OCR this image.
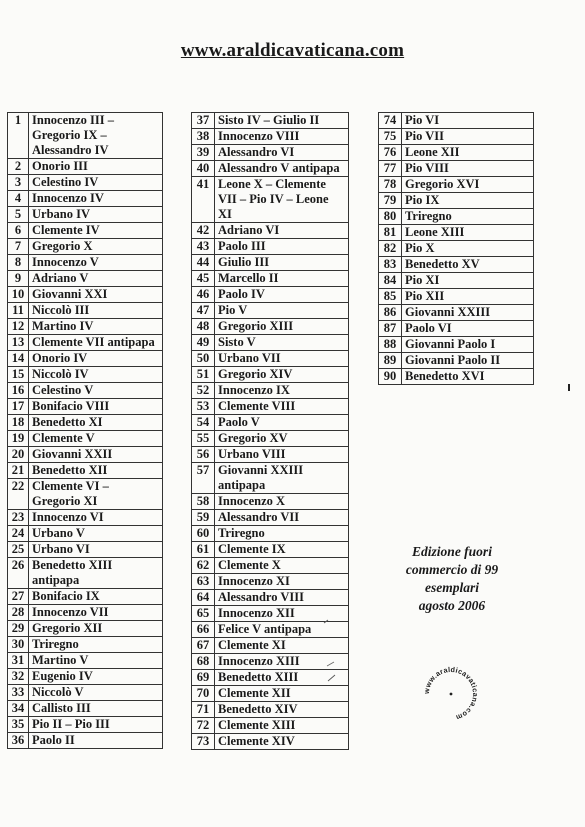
www.araldicavaticana.com
1	Innocenzo III – Gregorio IX – Alessandro IV
2	Onorio III
3	Celestino IV
4	Innocenzo IV
5	Urbano IV
6	Clemente IV
7	Gregorio X
8	Innocenzo V
9	Adriano V
10	Giovanni XXI
11	Niccolò III
12	Martino IV
13	Clemente VII antipapa
14	Onorio IV
15	Niccolò IV
16	Celestino V
17	Bonifacio VIII
18	Benedetto XI
19	Clemente V
20	Giovanni XXII
21	Benedetto XII
22	Clemente VI – Gregorio XI
23	Innocenzo VI
24	Urbano V
25	Urbano VI
26	Benedetto XIII antipapa
27	Bonifacio IX
28	Innocenzo VII
29	Gregorio XII
30	Triregno
31	Martino V
32	Eugenio IV
33	Niccolò V
34	Callisto III
35	Pio II – Pio III
36	Paolo II
37	Sisto IV – Giulio II
38	Innocenzo VIII
39	Alessandro VI
40	Alessandro V antipapa
41	Leone X – Clemente VII – Pio IV – Leone XI
42	Adriano VI
43	Paolo III
44	Giulio III
45	Marcello II
46	Paolo IV
47	Pio V
48	Gregorio XIII
49	Sisto V
50	Urbano VII
51	Gregorio XIV
52	Innocenzo IX
53	Clemente VIII
54	Paolo V
55	Gregorio XV
56	Urbano VIII
57	Giovanni XXIII antipapa
58	Innocenzo X
59	Alessandro VII
60	Triregno
61	Clemente IX
62	Clemente X
63	Innocenzo XI
64	Alessandro VIII
65	Innocenzo XII
66	Felice V antipapa
67	Clemente XI
68	Innocenzo XIII
69	Benedetto XIII
70	Clemente XII
71	Benedetto XIV
72	Clemente XIII
73	Clemente XIV
74	Pio VI
75	Pio VII
76	Leone XII
77	Pio VIII
78	Gregorio XVI
79	Pio IX
80	Triregno
81	Leone XIII
82	Pio X
83	Benedetto XV
84	Pio XI
85	Pio XII
86	Giovanni XXIII
87	Paolo VI
88	Giovanni Paolo I
89	Giovanni Paolo II
90	Benedetto XVI
Edizione fuori
commercio di 99
esemplari
agosto 2006
www.araldicavaticana.com
